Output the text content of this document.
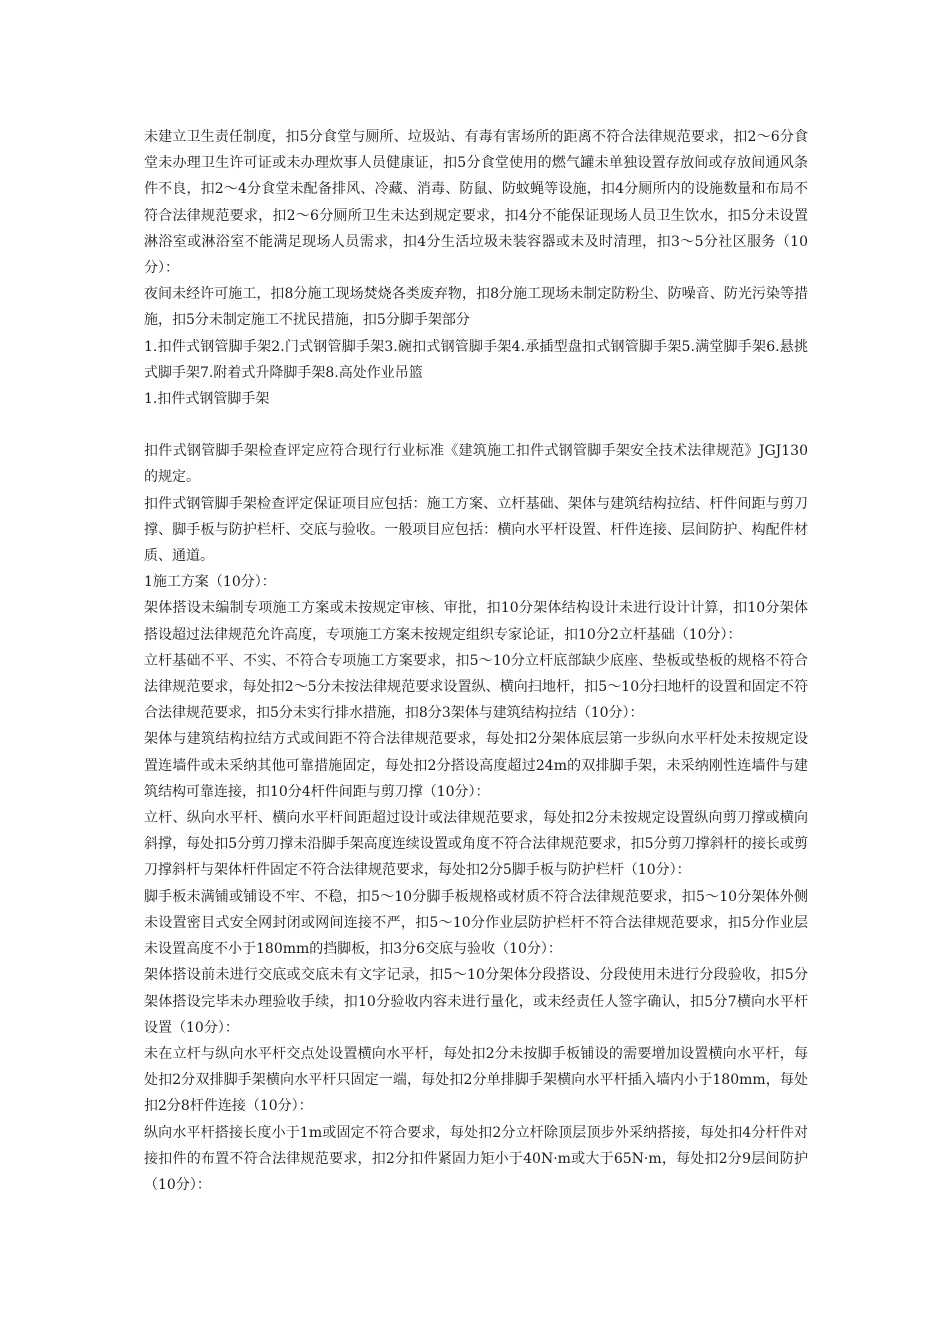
未建立卫生责任制度，扣5分食堂与厕所、垃圾站、有毒有害场所的距离不符合法律规范要求，扣2～6分食堂未办理卫生许可证或未办理炊事人员健康证，扣5分食堂使用的燃气罐未单独设置存放间或存放间通风条件不良，扣2～4分食堂未配备排风、冷藏、消毒、防鼠、防蚊蝇等设施，扣4分厕所内的设施数量和布局不符合法律规范要求，扣2～6分厕所卫生未达到规定要求，扣4分不能保证现场人员卫生饮水，扣5分未设置淋浴室或淋浴室不能满足现场人员需求，扣4分生活垃圾未装容器或未及时清理，扣3～5分社区服务（10分）：

夜间未经许可施工，扣8分施工现场焚烧各类废弃物，扣8分施工现场未制定防粉尘、防噪音、防光污染等措施，扣5分未制定施工不扰民措施，扣5分脚手架部分

1.扣件式钢管脚手架2.门式钢管脚手架3.碗扣式钢管脚手架4.承插型盘扣式钢管脚手架5.满堂脚手架6.悬挑式脚手架7.附着式升降脚手架8.高处作业吊篮

1.扣件式钢管脚手架

扣件式钢管脚手架检查评定应符合现行行业标准《建筑施工扣件式钢管脚手架安全技术法律规范》JGJ130的规定。

扣件式钢管脚手架检查评定保证项目应包括：施工方案、立杆基础、架体与建筑结构拉结、杆件间距与剪刀撑、脚手板与防护栏杆、交底与验收。一般项目应包括：横向水平杆设置、杆件连接、层间防护、构配件材质、通道。

1施工方案（10分）：

架体搭设未编制专项施工方案或未按规定审核、审批，扣10分架体结构设计未进行设计计算，扣10分架体搭设超过法律规范允许高度，专项施工方案未按规定组织专家论证，扣10分2立杆基础（10分）：

立杆基础不平、不实、不符合专项施工方案要求，扣5～10分立杆底部缺少底座、垫板或垫板的规格不符合法律规范要求，每处扣2～5分未按法律规范要求设置纵、横向扫地杆，扣5～10分扫地杆的设置和固定不符合法律规范要求，扣5分未实行排水措施，扣8分3架体与建筑结构拉结（10分）：

架体与建筑结构拉结方式或间距不符合法律规范要求，每处扣2分架体底层第一步纵向水平杆处未按规定设置连墙件或未采纳其他可靠措施固定，每处扣2分搭设高度超过24m的双排脚手架，未采纳刚性连墙件与建筑结构可靠连接，扣10分4杆件间距与剪刀撑（10分）：

立杆、纵向水平杆、横向水平杆间距超过设计或法律规范要求，每处扣2分未按规定设置纵向剪刀撑或横向斜撑，每处扣5分剪刀撑未沿脚手架高度连续设置或角度不符合法律规范要求，扣5分剪刀撑斜杆的接长或剪刀撑斜杆与架体杆件固定不符合法律规范要求，每处扣2分5脚手板与防护栏杆（10分）：

脚手板未满铺或铺设不牢、不稳，扣5～10分脚手板规格或材质不符合法律规范要求，扣5～10分架体外侧未设置密目式安全网封闭或网间连接不严，扣5～10分作业层防护栏杆不符合法律规范要求，扣5分作业层未设置高度不小于180mm的挡脚板，扣3分6交底与验收（10分）：

架体搭设前未进行交底或交底未有文字记录，扣5～10分架体分段搭设、分段使用未进行分段验收，扣5分架体搭设完毕未办理验收手续，扣10分验收内容未进行量化，或未经责任人签字确认，扣5分7横向水平杆设置（10分）：

未在立杆与纵向水平杆交点处设置横向水平杆，每处扣2分未按脚手板铺设的需要增加设置横向水平杆，每处扣2分双排脚手架横向水平杆只固定一端，每处扣2分单排脚手架横向水平杆插入墙内小于180mm，每处扣2分8杆件连接（10分）：

纵向水平杆搭接长度小于1m或固定不符合要求，每处扣2分立杆除顶层顶步外采纳搭接，每处扣4分杆件对接扣件的布置不符合法律规范要求，扣2分扣件紧固力矩小于40N·m或大于65N·m，每处扣2分9层间防护（10分）：
